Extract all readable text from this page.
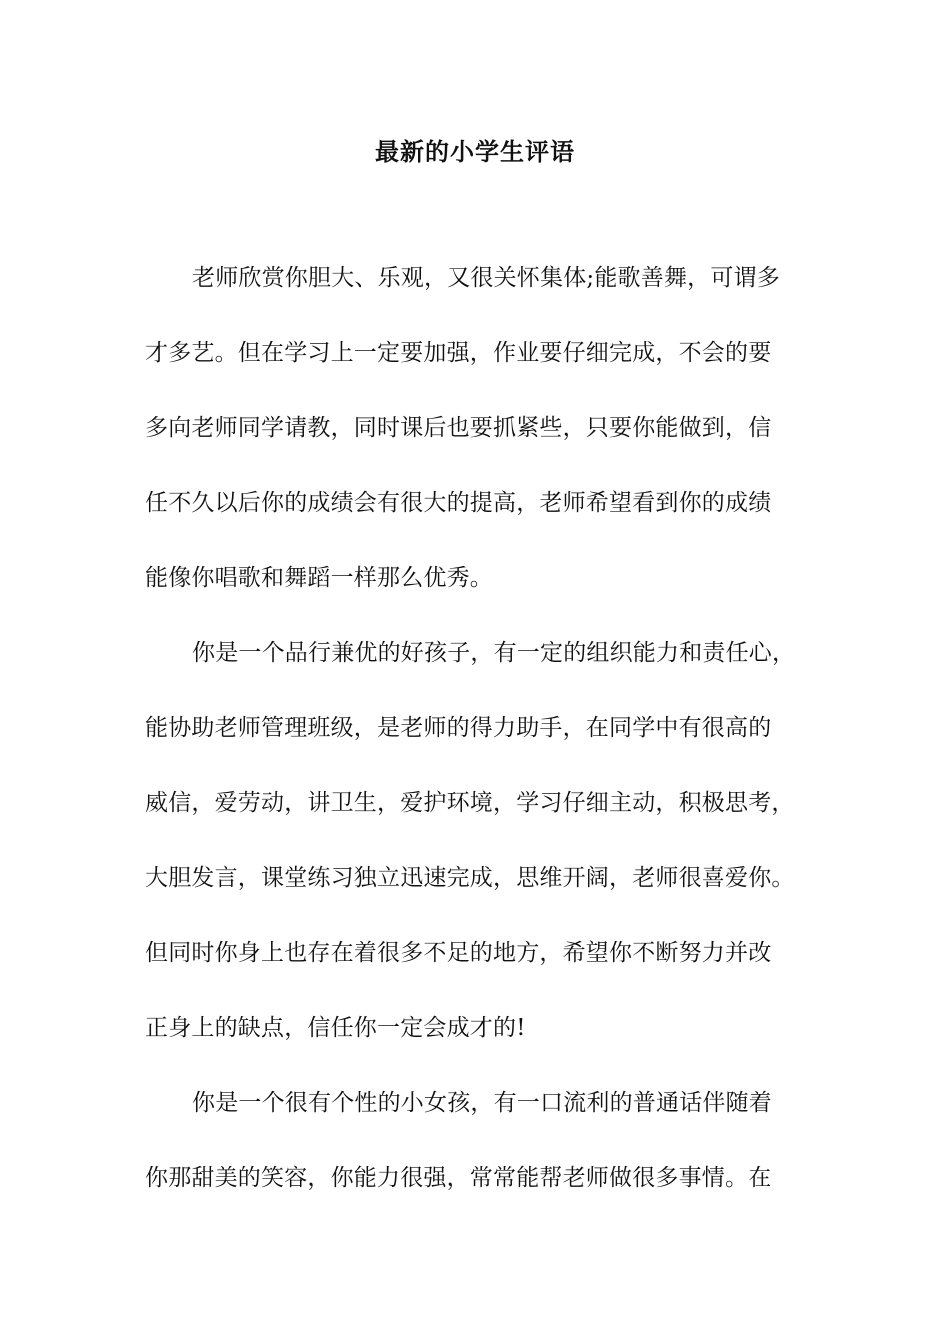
最新的小学生评语
老师欣赏你胆大、乐观，又很关怀集体;能歌善舞，可谓多
才多艺。但在学习上一定要加强，作业要仔细完成，不会的要
多向老师同学请教，同时课后也要抓紧些，只要你能做到，信
任不久以后你的成绩会有很大的提高，老师希望看到你的成绩
能像你唱歌和舞蹈一样那么优秀。
你是一个品行兼优的好孩子，有一定的组织能力和责任心，
能协助老师管理班级，是老师的得力助手，在同学中有很高的
威信，爱劳动，讲卫生，爱护环境，学习仔细主动，积极思考，
大胆发言，课堂练习独立迅速完成，思维开阔，老师很喜爱你。
但同时你身上也存在着很多不足的地方，希望你不断努力并改
正身上的缺点，信任你一定会成才的!
你是一个很有个性的小女孩，有一口流利的普通话伴随着
你那甜美的笑容，你能力很强，常常能帮老师做很多事情。在
